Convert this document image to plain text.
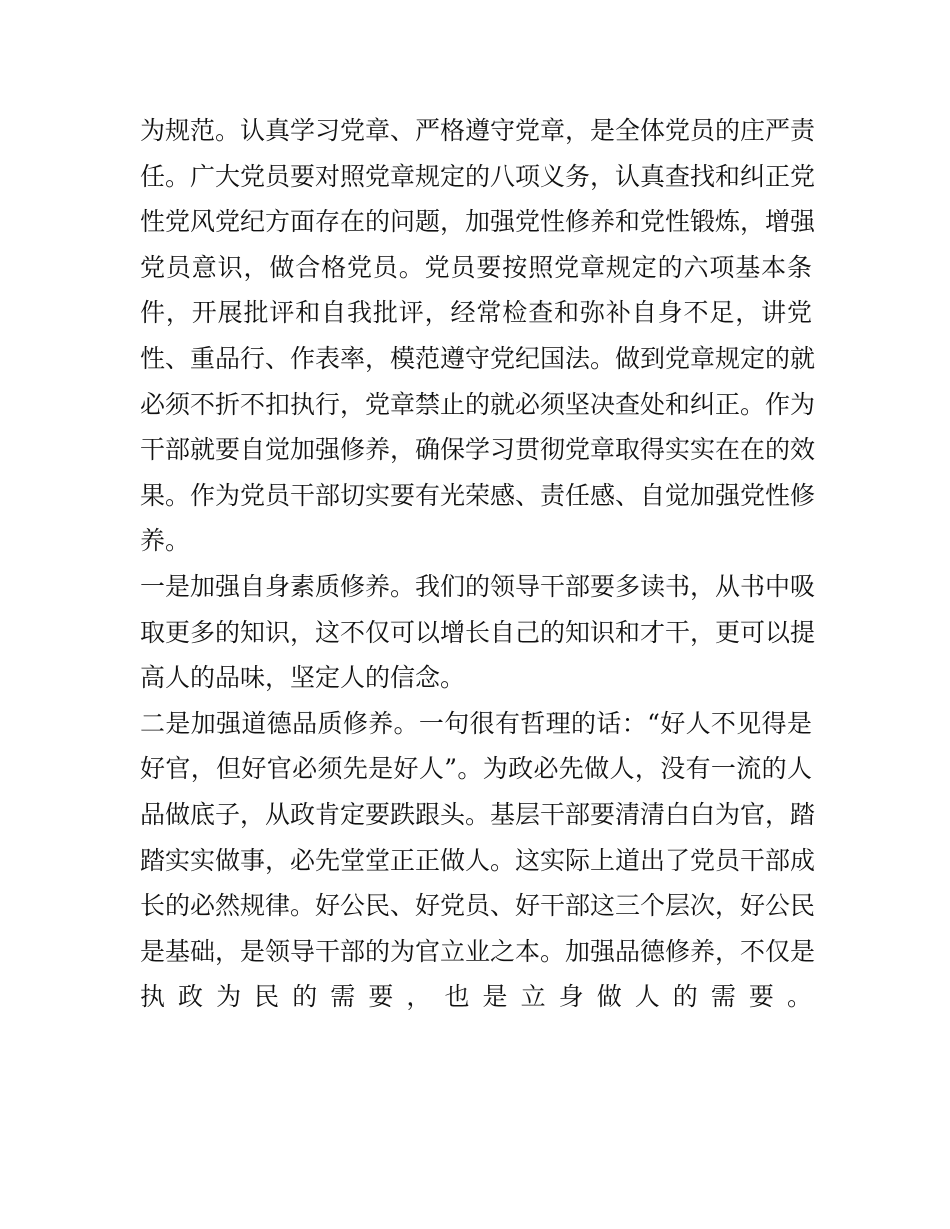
为规范。认真学习党章、严格遵守党章，是全体党员的庄严责
任。广大党员要对照党章规定的八项义务，认真查找和纠正党
性党风党纪方面存在的问题，加强党性修养和党性锻炼，增强
党员意识，做合格党员。党员要按照党章规定的六项基本条
件，开展批评和自我批评，经常检查和弥补自身不足，讲党
性、重品行、作表率，模范遵守党纪国法。做到党章规定的就
必须不折不扣执行，党章禁止的就必须坚决查处和纠正。作为
干部就要自觉加强修养，确保学习贯彻党章取得实实在在的效
果。作为党员干部切实要有光荣感、责任感、自觉加强党性修
养。
一是加强自身素质修养。我们的领导干部要多读书，从书中吸
取更多的知识，这不仅可以增长自己的知识和才干，更可以提
高人的品味，坚定人的信念。
二是加强道德品质修养。一句很有哲理的话：“好人不见得是
好官，但好官必须先是好人”。为政必先做人，没有一流的人
品做底子，从政肯定要跌跟头。基层干部要清清白白为官，踏
踏实实做事，必先堂堂正正做人。这实际上道出了党员干部成
长的必然规律。好公民、好党员、好干部这三个层次，好公民
是基础，是领导干部的为官立业之本。加强品德修养，不仅是
执政为民的需要，也是立身做人的需要。
